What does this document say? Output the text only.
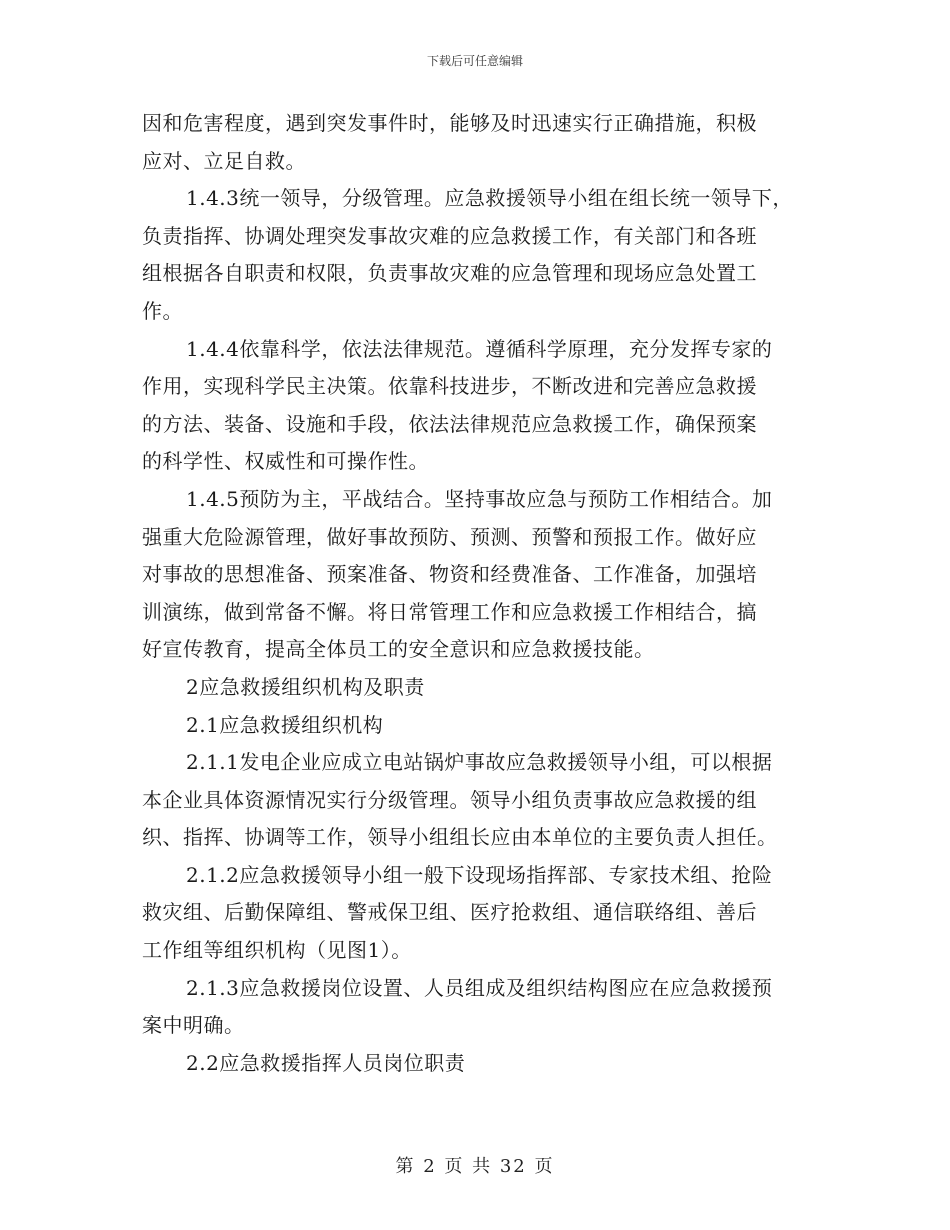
下载后可任意编辑
因和危害程度，遇到突发事件时，能够及时迅速实行正确措施，积极
应对、立足自救。
1.4.3统一领导，分级管理。应急救援领导小组在组长统一领导下，
负责指挥、协调处理突发事故灾难的应急救援工作，有关部门和各班
组根据各自职责和权限，负责事故灾难的应急管理和现场应急处置工
作。
1.4.4依靠科学，依法法律规范。遵循科学原理，充分发挥专家的
作用，实现科学民主决策。依靠科技进步，不断改进和完善应急救援
的方法、装备、设施和手段，依法法律规范应急救援工作，确保预案
的科学性、权威性和可操作性。
1.4.5预防为主，平战结合。坚持事故应急与预防工作相结合。加
强重大危险源管理，做好事故预防、预测、预警和预报工作。做好应
对事故的思想准备、预案准备、物资和经费准备、工作准备，加强培
训演练，做到常备不懈。将日常管理工作和应急救援工作相结合，搞
好宣传教育，提高全体员工的安全意识和应急救援技能。
2应急救援组织机构及职责
2.1应急救援组织机构
2.1.1发电企业应成立电站锅炉事故应急救援领导小组，可以根据
本企业具体资源情况实行分级管理。领导小组负责事故应急救援的组
织、指挥、协调等工作，领导小组组长应由本单位的主要负责人担任。
2.1.2应急救援领导小组一般下设现场指挥部、专家技术组、抢险
救灾组、后勤保障组、警戒保卫组、医疗抢救组、通信联络组、善后
工作组等组织机构（见图1）。
2.1.3应急救援岗位设置、人员组成及组织结构图应在应急救援预
案中明确。
2.2应急救援指挥人员岗位职责
第 2 页 共 32 页
